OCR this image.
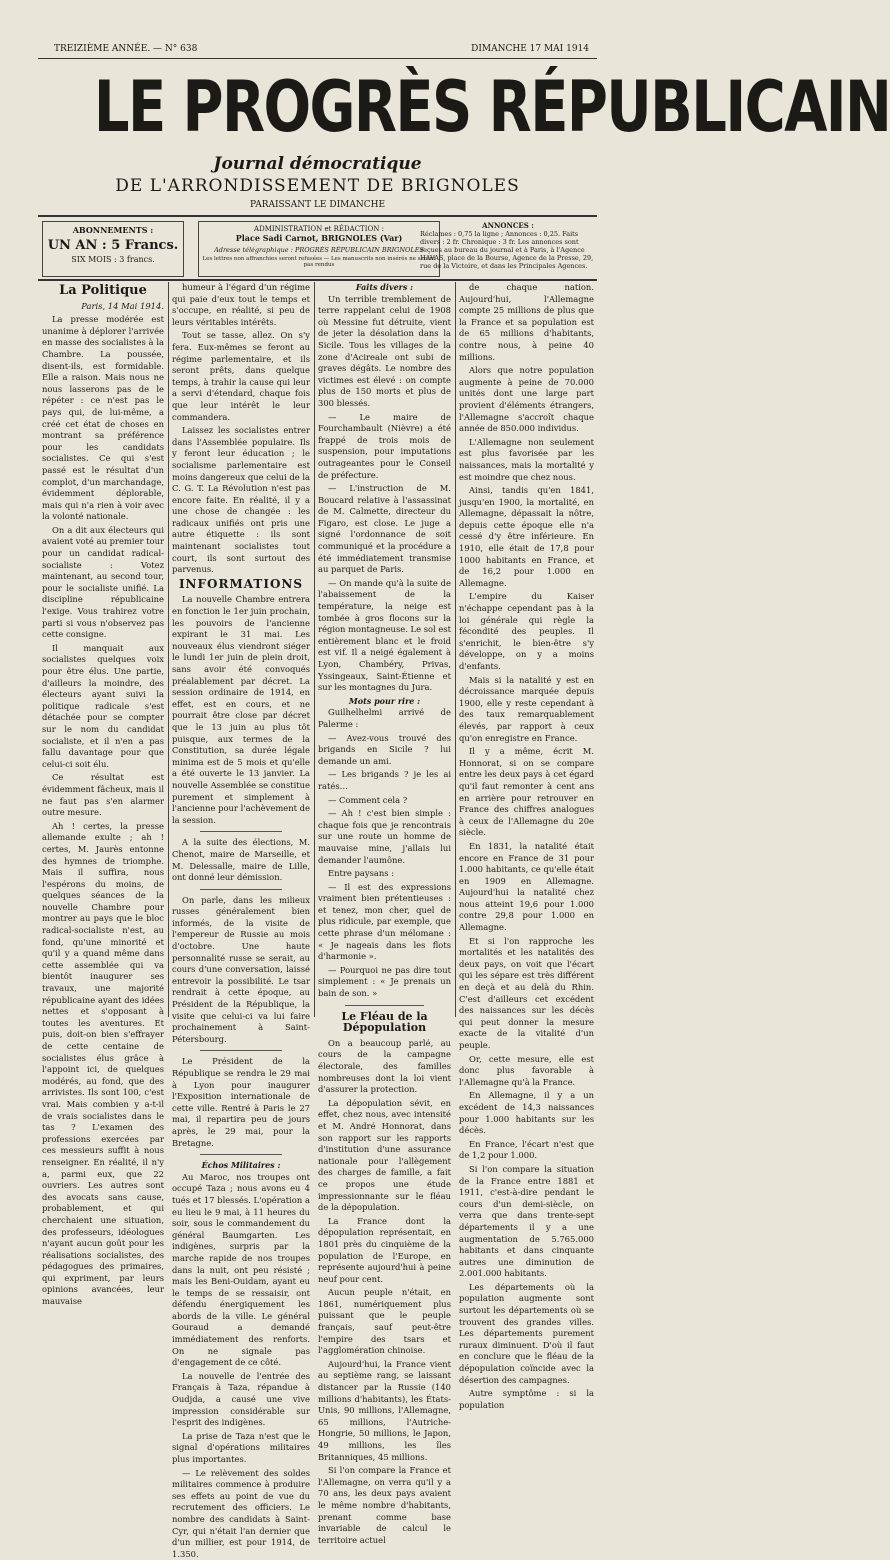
TREIZIÈME ANNÉE. — N° 638	DIMANCHE 17 MAI 1914
LE PROGRÈS RÉPUBLICAIN
Journal démocratique
DE L'ARRONDISSEMENT DE BRIGNOLES
PARAISSANT LE DIMANCHE
ABONNEMENTS :
UN AN : 5 Francs.
SIX MOIS : 3 francs.
ADMINISTRATION et RÉDACTION :
Place Sadi Carnot, BRIGNOLES (Var)
Adresse télégraphique : PROGRÈS RÉPUBLICAIN BRIGNOLES
Les lettres non affranchies seront refusées — Les manuscrits non insérés ne seront pas rendus
ANNONCES :
Réclames : 0,75 la ligne ; Annonces : 0,25. Faits divers : 2 fr. Chronique : 3 fr. Les annonces sont reçues au bureau du journal et à Paris, à l'Agence HAVAS, place de la Bourse, Agence de la Presse, 29, rue de la Victoire, et dans les Principales Agences.
La Politique

Paris, 14 Mai 1914.

La presse modérée est unanime à déplorer l'arrivée en masse des socialistes à la Chambre. La poussée, disent-ils, est formidable. Elle a raison. Mais nous ne nous lasserons pas de le répéter : ce n'est pas le pays qui, de lui-même, a créé cet état de choses en montrant sa préférence pour les candidats socialistes. Ce qui s'est passé est le résultat d'un complot, d'un marchandage, évidemment déplorable, mais qui n'a rien à voir avec la volonté nationale.

On a dit aux électeurs qui avaient voté au premier tour pour un candidat radical-socialiste : Votez maintenant, au second tour, pour le socialiste unifié. La discipline républicaine l'exige. Vous trahirez votre parti si vous n'observez pas cette consigne.

Il manquait aux socialistes quelques voix pour être élus. Une partie, d'ailleurs la moindre, des électeurs ayant suivi la politique radicale s'est détachée pour se compter sur le nom du candidat socialiste, et il n'en a pas fallu davantage pour que celui-ci soit élu.

Ce résultat est évidemment fâcheux, mais il ne faut pas s'en alarmer outre mesure.

Ah ! certes, la presse allemande exulte ; ah ! certes, M. Jaurès entonne des hymnes de triomphe. Mais il suffira, nous l'espérons du moins, de quelques séances de la nouvelle Chambre pour montrer au pays que le bloc radical-socialiste n'est, au fond, qu'une minorité et qu'il y a quand même dans cette assemblée qui va bientôt inaugurer ses travaux, une majorité républicaine ayant des idées nettes et s'opposant à toutes les aventures. Et puis, doit-on bien s'effrayer de cette centaine de socialistes élus grâce à l'appoint ici, de quelques modérés, au fond, que des arrivistes. Ils sont 100, c'est vrai. Mais combien y a-t-il de vrais socialistes dans le tas ? L'examen des professions exercées par ces messieurs suffit à nous renseigner. En réalité, il n'y a, parmi eux, que 22 ouvriers. Les autres sont des avocats sans cause, probablement, et qui cherchaient une situation, des professeurs, idéologues n'ayant aucun goût pour les réalisations socialistes, des pédagogues des primaires, qui expriment, par leurs opinions avancées, leur mauvaise

humeur à l'égard d'un régime qui paie d'eux tout le temps et s'occupe, en réalité, si peu de leurs véritables intérêts.

Tout se tasse, allez. On s'y fera. Eux-mêmes se feront au régime parlementaire, et ils seront prêts, dans quelque temps, à trahir la cause qui leur a servi d'étendard, chaque fois que leur intérêt le leur commandera.

Laissez les socialistes entrer dans l'Assemblée populaire. Ils y feront leur éducation ; le socialisme parlementaire est moins dangereux que celui de la C. G. T. La Révolution n'est pas encore faite. En réalité, il y a une chose de changée : les radicaux unifiés ont pris une autre étiquette : ils sont maintenant socialistes tout court, ils sont surtout des parvenus.

INFORMATIONS

La nouvelle Chambre entrera en fonction le 1er juin prochain, les pouvoirs de l'ancienne expirant le 31 mai. Les nouveaux élus viendront siéger le lundi 1er juin de plein droit, sans avoir été convoqués préalablement par décret. La session ordinaire de 1914, en effet, est en cours, et ne pourrait être close par décret que le 13 juin au plus tôt puisque, aux termes de la Constitution, sa durée légale minima est de 5 mois et qu'elle a été ouverte le 13 janvier. La nouvelle Assemblée se constitue purement et simplement à l'ancienne pour l'achèvement de la session.

A la suite des élections, M. Chenot, maire de Marseille, et M. Delessalle, maire de Lille, ont donné leur démission.

On parle, dans les milieux russes généralement bien informés, de la visite de l'empereur de Russie au mois d'octobre. Une haute personnalité russe se serait, au cours d'une conversation, laissé entrevoir la possibilité. Le tsar rendrait à cette époque, au Président de la République, la visite que celui-ci va lui faire prochainement à Saint-Pétersbourg.

Le Président de la République se rendra le 29 mai à Lyon pour inaugurer l'Exposition internationale de cette ville. Rentré à Paris le 27 mai, il repartira peu de jours après, le 29 mai, pour la Bretagne.

Échos Militaires :

Au Maroc, nos troupes ont occupé Taza ; nous avons eu 4 tués et 17 blessés. L'opération a eu lieu le 9 mai, à 11 heures du soir, sous le commandement du général Baumgarten. Les indigènes, surpris par la marche rapide de nos troupes dans la nuit, ont peu résisté ; mais les Beni-Ouidam, ayant eu le temps de se ressaisir, ont défendu énergiquement les abords de la ville. Le général Gouraud a demandé immédiatement des renforts. On ne signale pas d'engagement de ce côté.

La nouvelle de l'entrée des Français à Taza, répandue à Oudjda, a causé une vive impression considérable sur l'esprit des indigènes.

La prise de Taza n'est que le signal d'opérations militaires plus importantes.

— Le relèvement des soldes militaires commence à produire ses effets au point de vue du recrutement des officiers. Le nombre des candidats à Saint-Cyr, qui n'était l'an dernier que d'un millier, est pour 1914, de 1.350.

Faits divers :

Un terrible tremblement de terre rappelant celui de 1908 où Messine fut détruite, vient de jeter la désolation dans la Sicile. Tous les villages de la zone d'Acireale ont subi de graves dégâts. Le nombre des victimes est élevé : on compte plus de 150 morts et plus de 300 blessés.

— Le maire de Fourchambault (Nièvre) a été frappé de trois mois de suspension, pour imputations outrageantes pour le Conseil de préfecture.

— L'instruction de M. Boucard relative à l'assassinat de M. Calmette, directeur du Figaro, est close. Le juge a signé l'ordonnance de soit communiqué et la procédure a été immédiatement transmise au parquet de Paris.

— On mande qu'à la suite de l'abaissement de la température, la neige est tombée à gros flocons sur la région montagneuse. Le sol est entièrement blanc et le froid est vif. Il a neigé également à Lyon, Chambéry, Privas, Yssingeaux, Saint-Étienne et sur les montagnes du Jura.

Mots pour rire :

Guilhelhelmi arrivé de Palerme :

— Avez-vous trouvé des brigands en Sicile ? lui demande un ami.

— Les brigands ? je les ai ratés…

— Comment cela ?

— Ah ! c'est bien simple : chaque fois que je rencontrais sur une route un homme de mauvaise mine, j'allais lui demander l'aumône.

Entre paysans :

— Il est des expressions vraiment bien prétentieuses : et tenez, mon cher, quel de plus ridicule, par exemple, que cette phrase d'un mélomane : « Je nageais dans les flots d'harmonie ».

— Pourquoi ne pas dire tout simplement : « Je prenais un bain de son. »

Le Fléau de la Dépopulation

On a beaucoup parlé, au cours de la campagne électorale, des familles nombreuses dont la loi vient d'assurer la protection.

La dépopulation sévit, en effet, chez nous, avec intensité et M. André Honnorat, dans son rapport sur les rapports d'institution d'une assurance nationale pour l'allègement des charges de famille, a fait ce propos une étude impressionnante sur le fléau de la dépopulation.

La France dont la dépopulation représentait, en 1801 près du cinquième de la population de l'Europe, en représente aujourd'hui à peine neuf pour cent.

Aucun peuple n'était, en 1861, numériquement plus puissant que le peuple français, sauf peut-être l'empire des tsars et l'agglomération chinoise.

Aujourd'hui, la France vient au septième rang, se laissant distancer par la Russie (140 millions d'habitants), les États-Unis, 90 millions, l'Allemagne, 65 millions, l'Autriche-Hongrie, 50 millions, le Japon, 49 millions, les îles Britanniques, 45 millions.

Si l'on compare la France et l'Allemagne, on verra qu'il y a 70 ans, les deux pays avaient le même nombre d'habitants, prenant comme base invariable de calcul le territoire actuel

de chaque nation. Aujourd'hui, l'Allemagne compte 25 millions de plus que la France et sa population est de 65 millions d'habitants, contre nous, à peine 40 millions.

Alors que notre population augmente à peine de 70.000 unités dont une large part provient d'éléments étrangers, l'Allemagne s'accroît chaque année de 850.000 individus.

L'Allemagne non seulement est plus favorisée par les naissances, mais la mortalité y est moindre que chez nous.

Ainsi, tandis qu'en 1841, jusqu'en 1900, la mortalité, en Allemagne, dépassait la nôtre, depuis cette époque elle n'a cessé d'y être inférieure. En 1910, elle était de 17,8 pour 1000 habitants en France, et de 16,2 pour 1.000 en Allemagne.

L'empire du Kaiser n'échappe cependant pas à la loi générale qui règle la fécondité des peuples. Il s'enrichit, le bien-être s'y développe, on y a moins d'enfants.

Mais si la natalité y est en décroissance marquée depuis 1900, elle y reste cependant à des taux remarquablement élevés, par rapport à ceux qu'on enregistre en France.

Il y a même, écrit M. Honnorat, si on se compare entre les deux pays à cet égard qu'il faut remonter à cent ans en arrière pour retrouver en France des chiffres analogues à ceux de l'Allemagne du 20e siècle.

En 1831, la natalité était encore en France de 31 pour 1.000 habitants, ce qu'elle était en 1909 en Allemagne. Aujourd'hui la natalité chez nous atteint 19,6 pour 1.000 contre 29,8 pour 1.000 en Allemagne.

Et si l'on rapproche les mortalités et les natalités des deux pays, on voit que l'écart qui les sépare est très différent en deçà et au delà du Rhin. C'est d'ailleurs cet excédent des naissances sur les décès qui peut donner la mesure exacte de la vitalité d'un peuple.

Or, cette mesure, elle est donc plus favorable à l'Allemagne qu'à la France.

En Allemagne, il y a un excédent de 14,3 naissances pour 1.000 habitants sur les décès.

En France, l'écart n'est que de 1,2 pour 1.000.

Si l'on compare la situation de la France entre 1881 et 1911, c'est-à-dire pendant le cours d'un demi-siècle, on verra que dans trente-sept départements il y a une augmentation de 5.765.000 habitants et dans cinquante autres une diminution de 2.001.000 habitants.

Les départements où la population augmente sont surtout les départements où se trouvent des grandes villes. Les départements purement ruraux diminuent. D'où il faut en conclure que le fléau de la dépopulation coïncide avec la désertion des campagnes.

Autre symptôme : si la population
